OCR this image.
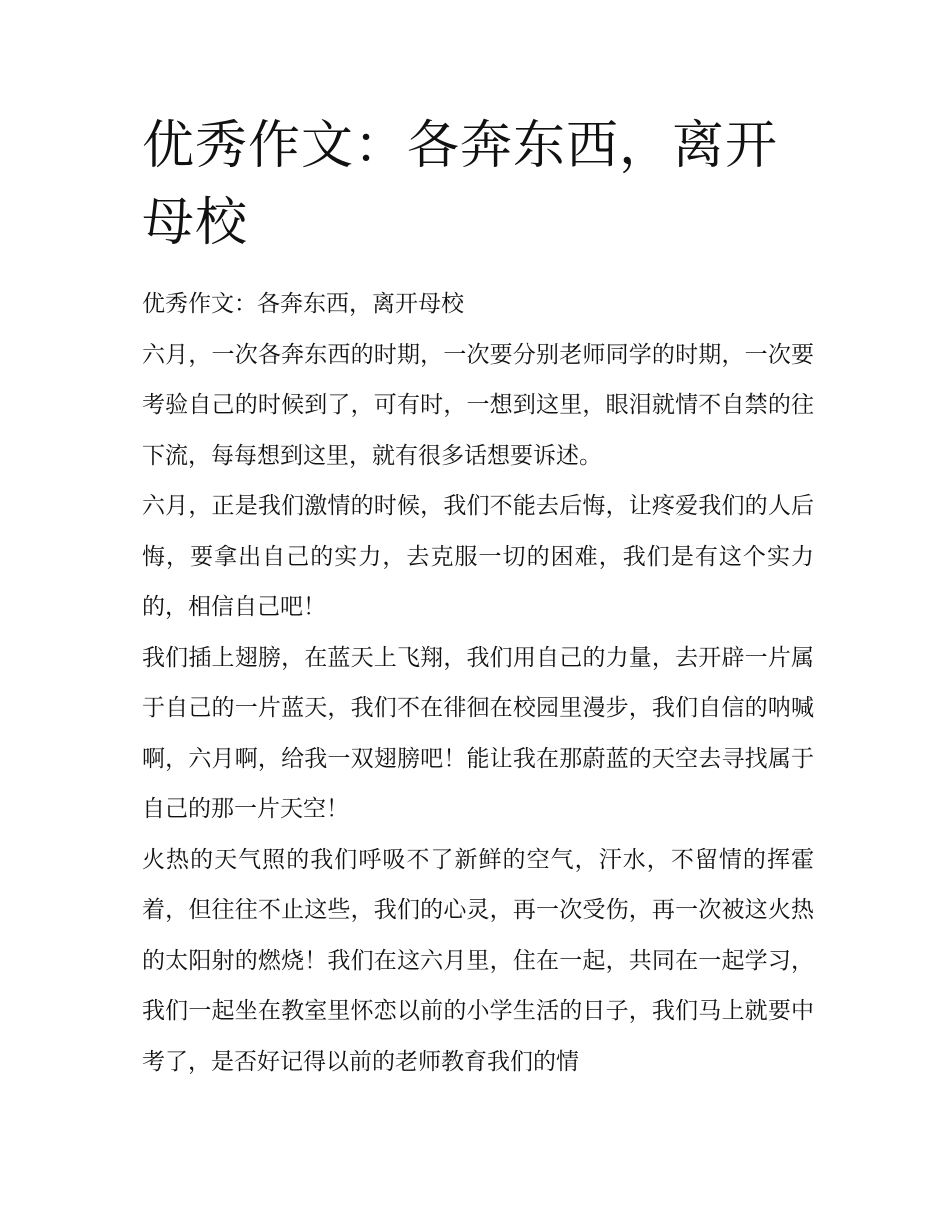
优秀作文：各奔东西，离开母校

优秀作文：各奔东西，离开母校

六月，一次各奔东西的时期，一次要分别老师同学的时期，一次要考验自己的时候到了，可有时，一想到这里，眼泪就情不自禁的往下流，每每想到这里，就有很多话想要诉述。

六月，正是我们激情的时候，我们不能去后悔，让疼爱我们的人后悔，要拿出自己的实力，去克服一切的困难，我们是有这个实力的，相信自己吧！

我们插上翅膀，在蓝天上飞翔，我们用自己的力量，去开辟一片属于自己的一片蓝天，我们不在徘徊在校园里漫步，我们自信的呐喊啊，六月啊，给我一双翅膀吧！能让我在那蔚蓝的天空去寻找属于自己的那一片天空！

火热的天气照的我们呼吸不了新鲜的空气，汗水，不留情的挥霍着，但往往不止这些，我们的心灵，再一次受伤，再一次被这火热的太阳射的燃烧！我们在这六月里，住在一起，共同在一起学习，我们一起坐在教室里怀恋以前的小学生活的日子，我们马上就要中考了，是否好记得以前的老师教育我们的情
